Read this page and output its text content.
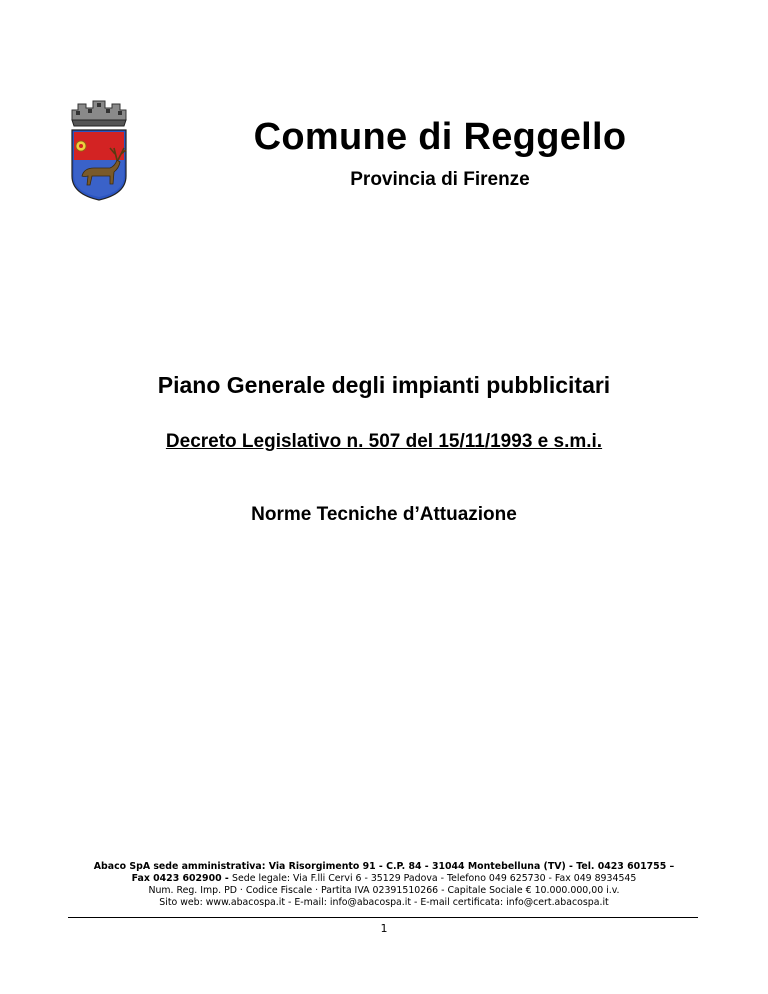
Comune di Reggello
Provincia di Firenze
Piano Generale degli impianti pubblicitari
Decreto Legislativo n. 507 del 15/11/1993 e s.m.i.
Norme Tecniche d’Attuazione
Abaco SpA sede amministrativa: Via Risorgimento 91 - C.P. 84 - 31044 Montebelluna (TV) - Tel. 0423 601755 –
Fax 0423 602900 - Sede legale: Via F.lli Cervi 6 - 35129 Padova - Telefono 049 625730 - Fax 049 8934545
Num. Reg. Imp. PD · Codice Fiscale · Partita IVA 02391510266 - Capitale Sociale € 10.000.000,00 i.v.
Sito web: www.abacospa.it - E-mail: info@abacospa.it - E-mail certificata: info@cert.abacospa.it
1
